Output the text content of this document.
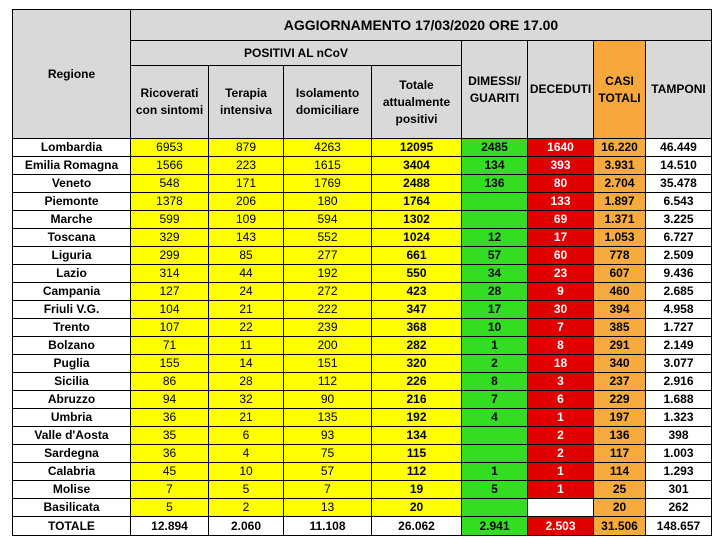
Regione	AGGIORNAMENTO 17/03/2020 ORE 17.00							
	POSITIVI AL nCoV				DIMESSI/ GUARITI	DECEDUTI	CASI TOTALI	TAMPONI
	Ricoverati con sintomi	Terapia intensiva	Isolamento domiciliare	Totale attualmente positivi				
Lombardia	6953	879	4263	12095	2485	1640	16.220	46.449
Emilia Romagna	1566	223	1615	3404	134	393	3.931	14.510
Veneto	548	171	1769	2488	136	80	2.704	35.478
Piemonte	1378	206	180	1764		133	1.897	6.543
Marche	599	109	594	1302		69	1.371	3.225
Toscana	329	143	552	1024	12	17	1.053	6.727
Liguria	299	85	277	661	57	60	778	2.509
Lazio	314	44	192	550	34	23	607	9.436
Campania	127	24	272	423	28	9	460	2.685
Friuli V.G.	104	21	222	347	17	30	394	4.958
Trento	107	22	239	368	10	7	385	1.727
Bolzano	71	11	200	282	1	8	291	2.149
Puglia	155	14	151	320	2	18	340	3.077
Sicilia	86	28	112	226	8	3	237	2.916
Abruzzo	94	32	90	216	7	6	229	1.688
Umbria	36	21	135	192	4	1	197	1.323
Valle d'Aosta	35	6	93	134		2	136	398
Sardegna	36	4	75	115		2	117	1.003
Calabria	45	10	57	112	1	1	114	1.293
Molise	7	5	7	19	5	1	25	301
Basilicata	5	2	13	20			20	262
TOTALE	12.894	2.060	11.108	26.062	2.941	2.503	31.506	148.657
